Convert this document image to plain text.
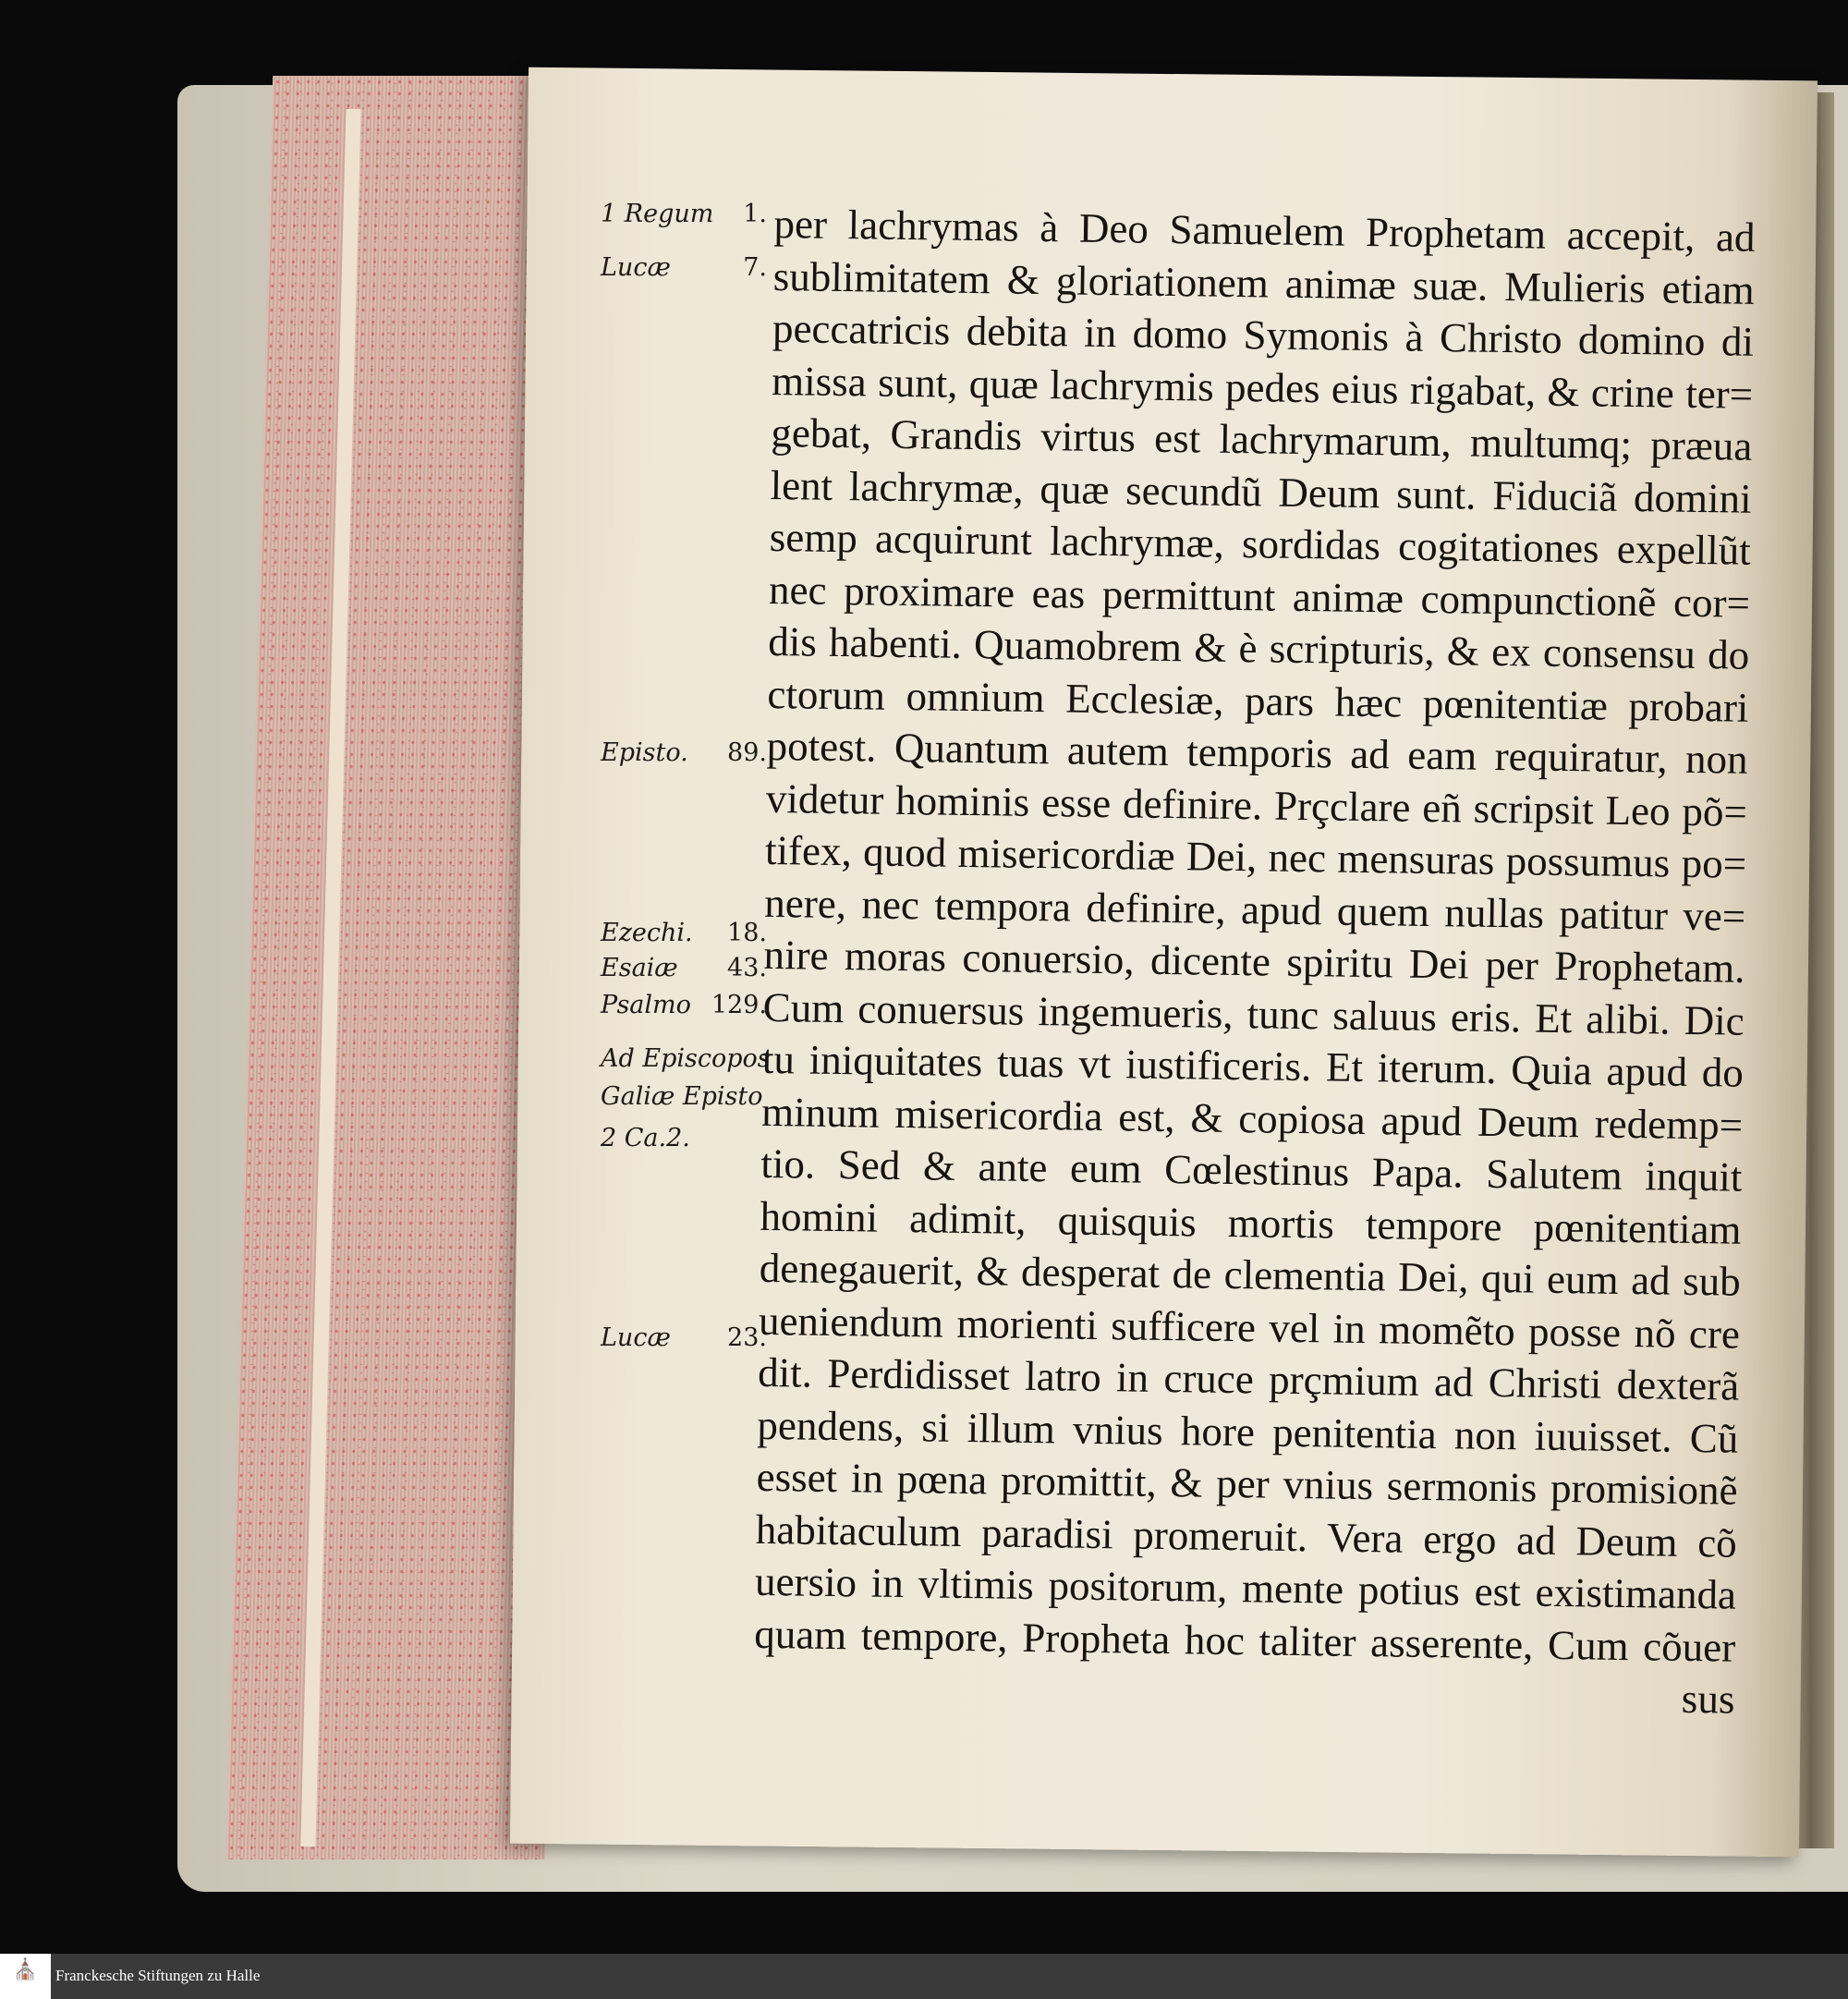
1 Regum 1.
Lucæ	7.
Episto. 89.
Ezechi. 18.
Esaiæ 43.
Psalmo 129.
Ad Episcopos
Galiæ Episto
2 Ca.2.
Lucæ 23.
per lachrymas à Deo Samuelem Prophetam accepit, ad
sublimitatem & gloriationem animæ suæ. Mulieris etiam
peccatricis debita in domo Symonis à Christo domino di
missa sunt, quæ lachrymis pedes eius rigabat, & crine ter=
gebat, Grandis virtus est lachrymarum, multumq; præua
lent lachrymæ, quæ secundũ Deum sunt. Fiduciã domini
semp acquirunt lachrymæ, sordidas cogitationes expellũt
nec proximare eas permittunt animæ compunctionẽ cor=
dis habenti. Quamobrem & è scripturis, & ex consensu do
ctorum omnium Ecclesiæ, pars hæc pœnitentiæ probari
potest. Quantum autem temporis ad eam requiratur, non
videtur hominis esse definire. Prçclare eñ scripsit Leo põ=
tifex, quod misericordiæ Dei, nec mensuras possumus po=
nere, nec tempora definire, apud quem nullas patitur ve=
nire moras conuersio, dicente spiritu Dei per Prophetam.
Cum conuersus ingemueris, tunc saluus eris. Et alibi. Dic
tu iniquitates tuas vt iustificeris. Et iterum. Quia apud do
minum misericordia est, & copiosa apud Deum redemp=
tio. Sed & ante eum Cœlestinus Papa. Salutem inquit
homini adimit, quisquis mortis tempore pœnitentiam
denegauerit, & desperat de clementia Dei, qui eum ad sub
ueniendum morienti sufficere vel in momẽto posse nõ cre
dit. Perdidisset latro in cruce prçmium ad Christi dexterã
pendens, si illum vnius hore penitentia non iuuisset. Cũ
esset in pœna promittit, & per vnius sermonis promisionẽ
habitaculum paradisi promeruit. Vera ergo ad Deum cõ
uersio in vltimis positorum, mente potius est existimanda
quam tempore, Propheta hoc taliter asserente, Cum cõuer
sus
⛪	Franckesche Stiftungen zu Halle
